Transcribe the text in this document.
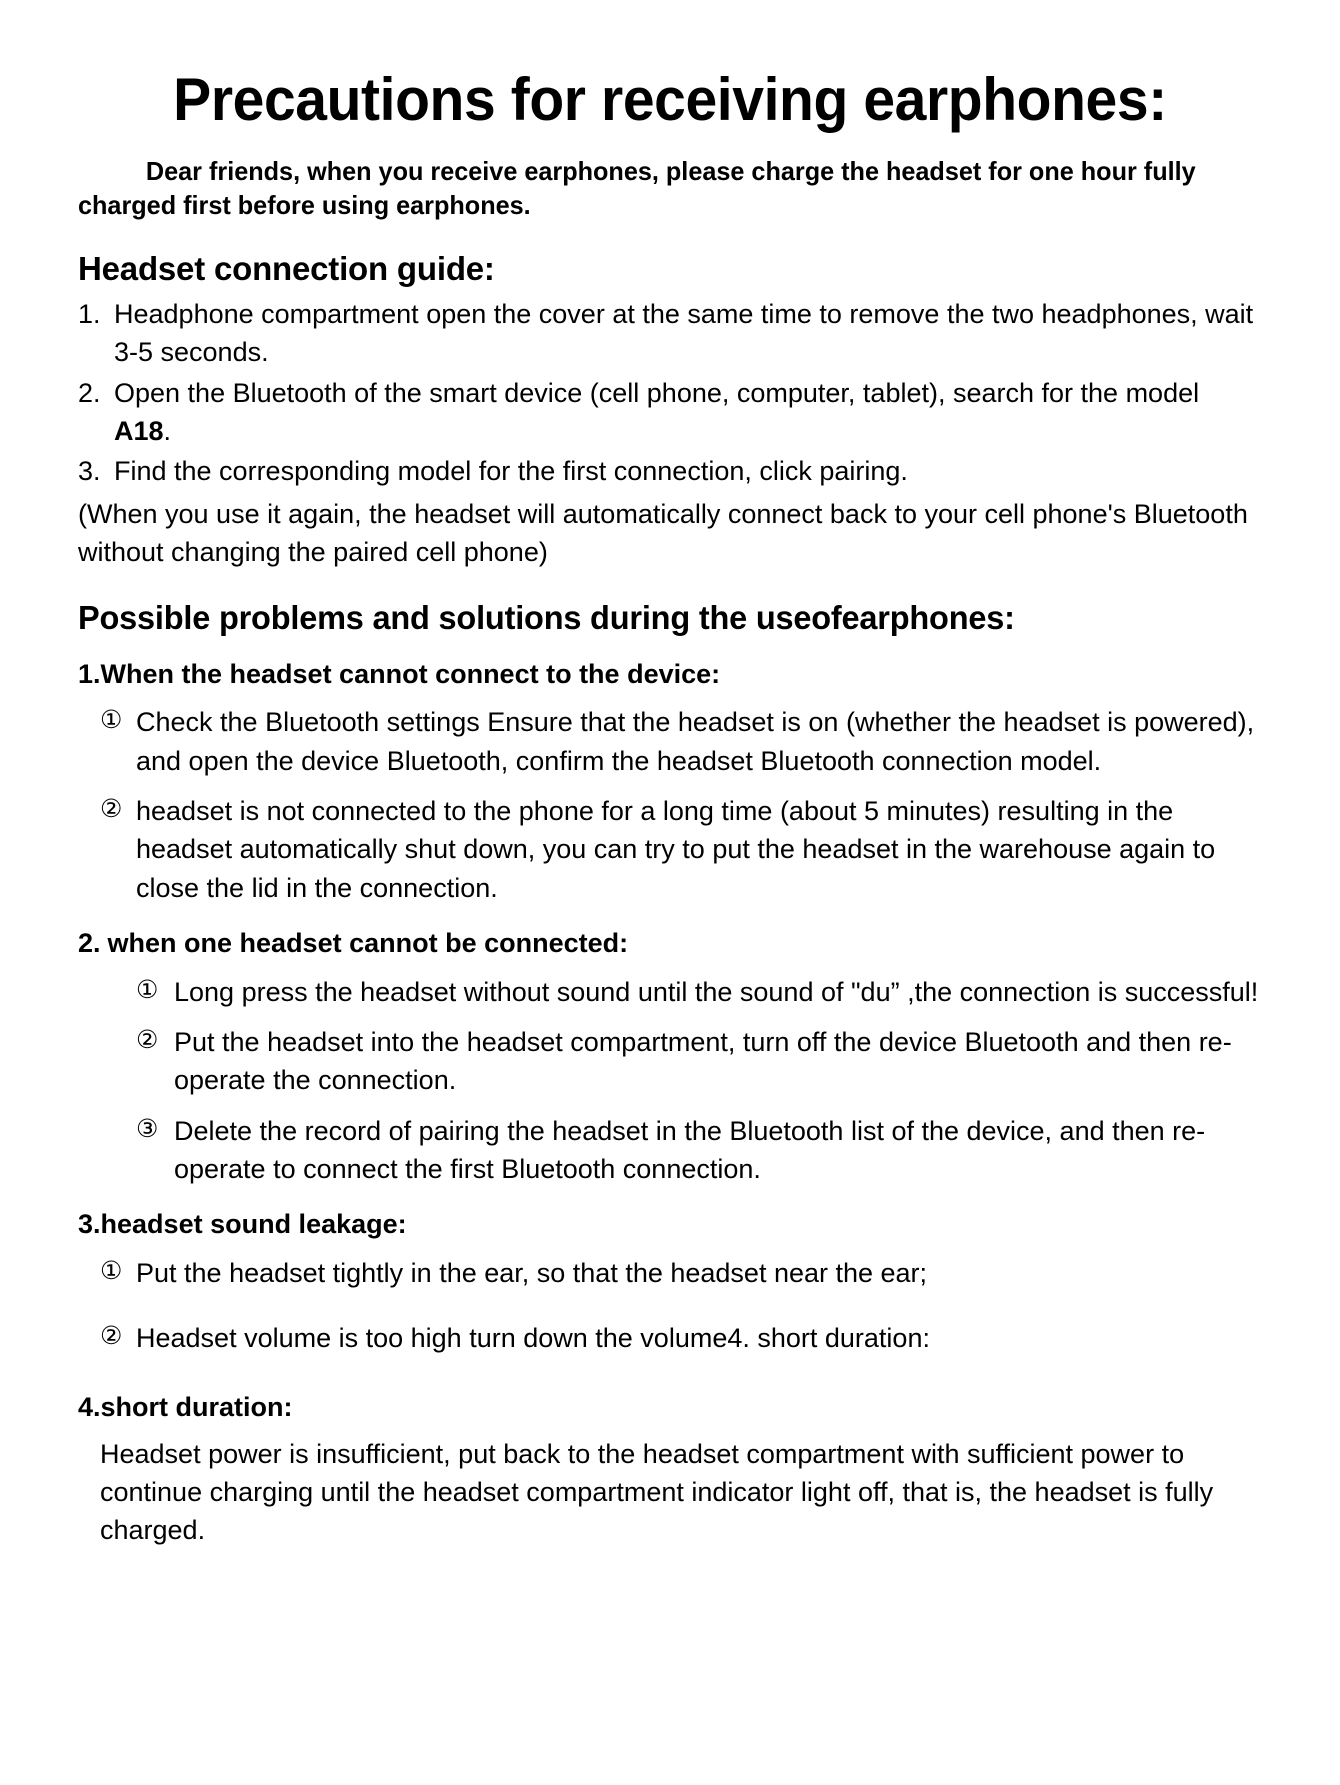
Precautions for receiving earphones:

Dear friends, when you receive earphones, please charge the headset for one hour fully charged first before using earphones.

Headset connection guide:
1. Headphone compartment open the cover at the same time to remove the two headphones, wait 3-5 seconds.
2. Open the Bluetooth of the smart device (cell phone, computer, tablet), search for the model A18.
3. Find the corresponding model for the first connection, click pairing.

(When you use it again, the headset will automatically connect back to your cell phone's Bluetooth without changing the paired cell phone)

Possible problems and solutions during the useofearphones:
1.When the headset cannot connect to the device:

① Check the Bluetooth settings Ensure that the headset is on (whether the headset is powered), and open the device Bluetooth, confirm the headset Bluetooth connection model.

② headset is not connected to the phone for a long time (about 5 minutes) resulting in the headset automatically shut down, you can try to put the headset in the warehouse again to close the lid in the connection.

2. when one headset cannot be connected:

① Long press the headset without sound until the sound of "du” ,the connection is successful!

② Put the headset into the headset compartment, turn off the device Bluetooth and then re-operate the connection.

③ Delete the record of pairing the headset in the Bluetooth list of the device, and then re-operate to connect the first Bluetooth connection.

3.headset sound leakage:

① Put the headset tightly in the ear, so that the headset near the ear;

② Headset volume is too high turn down the volume4. short duration:

4.short duration:

Headset power is insufficient, put back to the headset compartment with sufficient power to continue charging until the headset compartment indicator light off, that is, the headset is fully charged.
